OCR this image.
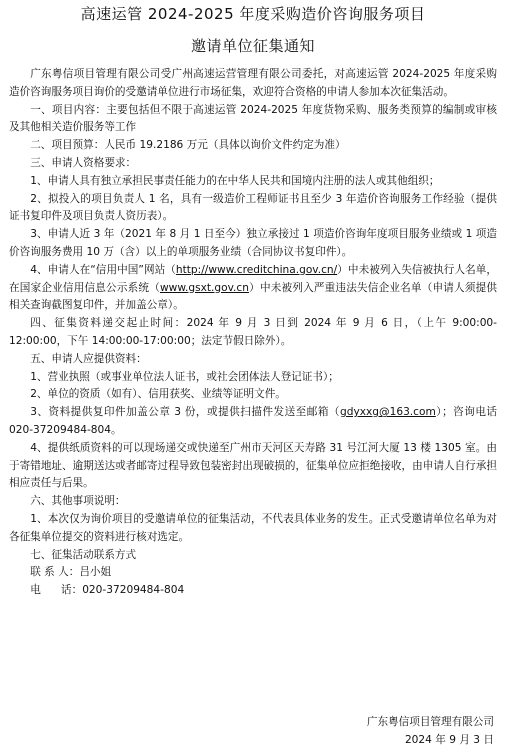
高速运管 2024-2025 年度采购造价咨询服务项目
邀请单位征集通知

广东粤信项目管理有限公司受广州高速运营管理有限公司委托，对高速运管 2024-2025 年度采购造价咨询服务项目询价的受邀请单位进行市场征集，欢迎符合资格的申请人参加本次征集活动。

一、项目内容：主要包括但不限于高速运管 2024-2025 年度货物采购、服务类预算的编制或审核及其他相关造价服务等工作

二、项目预算：人民币 19.2186 万元（具体以询价文件约定为准）

三、申请人资格要求：

1、申请人具有独立承担民事责任能力的在中华人民共和国境内注册的法人或其他组织；

2、拟投入的项目负责人 1 名，具有一级造价工程师证书且至少 3 年造价咨询服务工作经验（提供证书复印件及项目负责人资历表）。

3、申请人近 3 年（2021 年 8 月 1 日至今）独立承接过 1 项造价咨询年度项目服务业绩或 1 项造价咨询服务费用 10 万（含）以上的单项服务业绩（合同协议书复印件）。

4、申请人在“信用中国”网站（http://www.creditchina.gov.cn/）中未被列入失信被执行人名单，在国家企业信用信息公示系统（www.gsxt.gov.cn）中未被列入严重违法失信企业名单（申请人须提供相关查询截图复印件，并加盖公章）。

四、征集资料递交起止时间：2024 年 9 月 3 日到 2024 年 9 月 6 日，（上午 9:00:00-12:00:00，下午 14:00:00-17:00:00；法定节假日除外）。

五、申请人应提供资料：

1、营业执照（或事业单位法人证书，或社会团体法人登记证书）；

2、单位的资质（如有）、信用获奖、业绩等证明文件。

3、资料提供复印件加盖公章 3 份，或提供扫描件发送至邮箱（gdyxxg@163.com）；咨询电话 020-37209484-804。

4、提供纸质资料的可以现场递交或快递至广州市天河区天寿路 31 号江河大厦 13 楼 1305 室。由于寄错地址、逾期送达或者邮寄过程导致包装密封出现破损的，征集单位应拒绝接收，由申请人自行承担相应责任与后果。

六、其他事项说明：

1、本次仅为询价项目的受邀请单位的征集活动，不代表具体业务的发生。正式受邀请单位名单为对各征集单位提交的资料进行核对选定。

七、征集活动联系方式

联 系 人：吕小姐

电      话：020-37209484-804

广东粤信项目管理有限公司
2024 年 9 月 3 日
